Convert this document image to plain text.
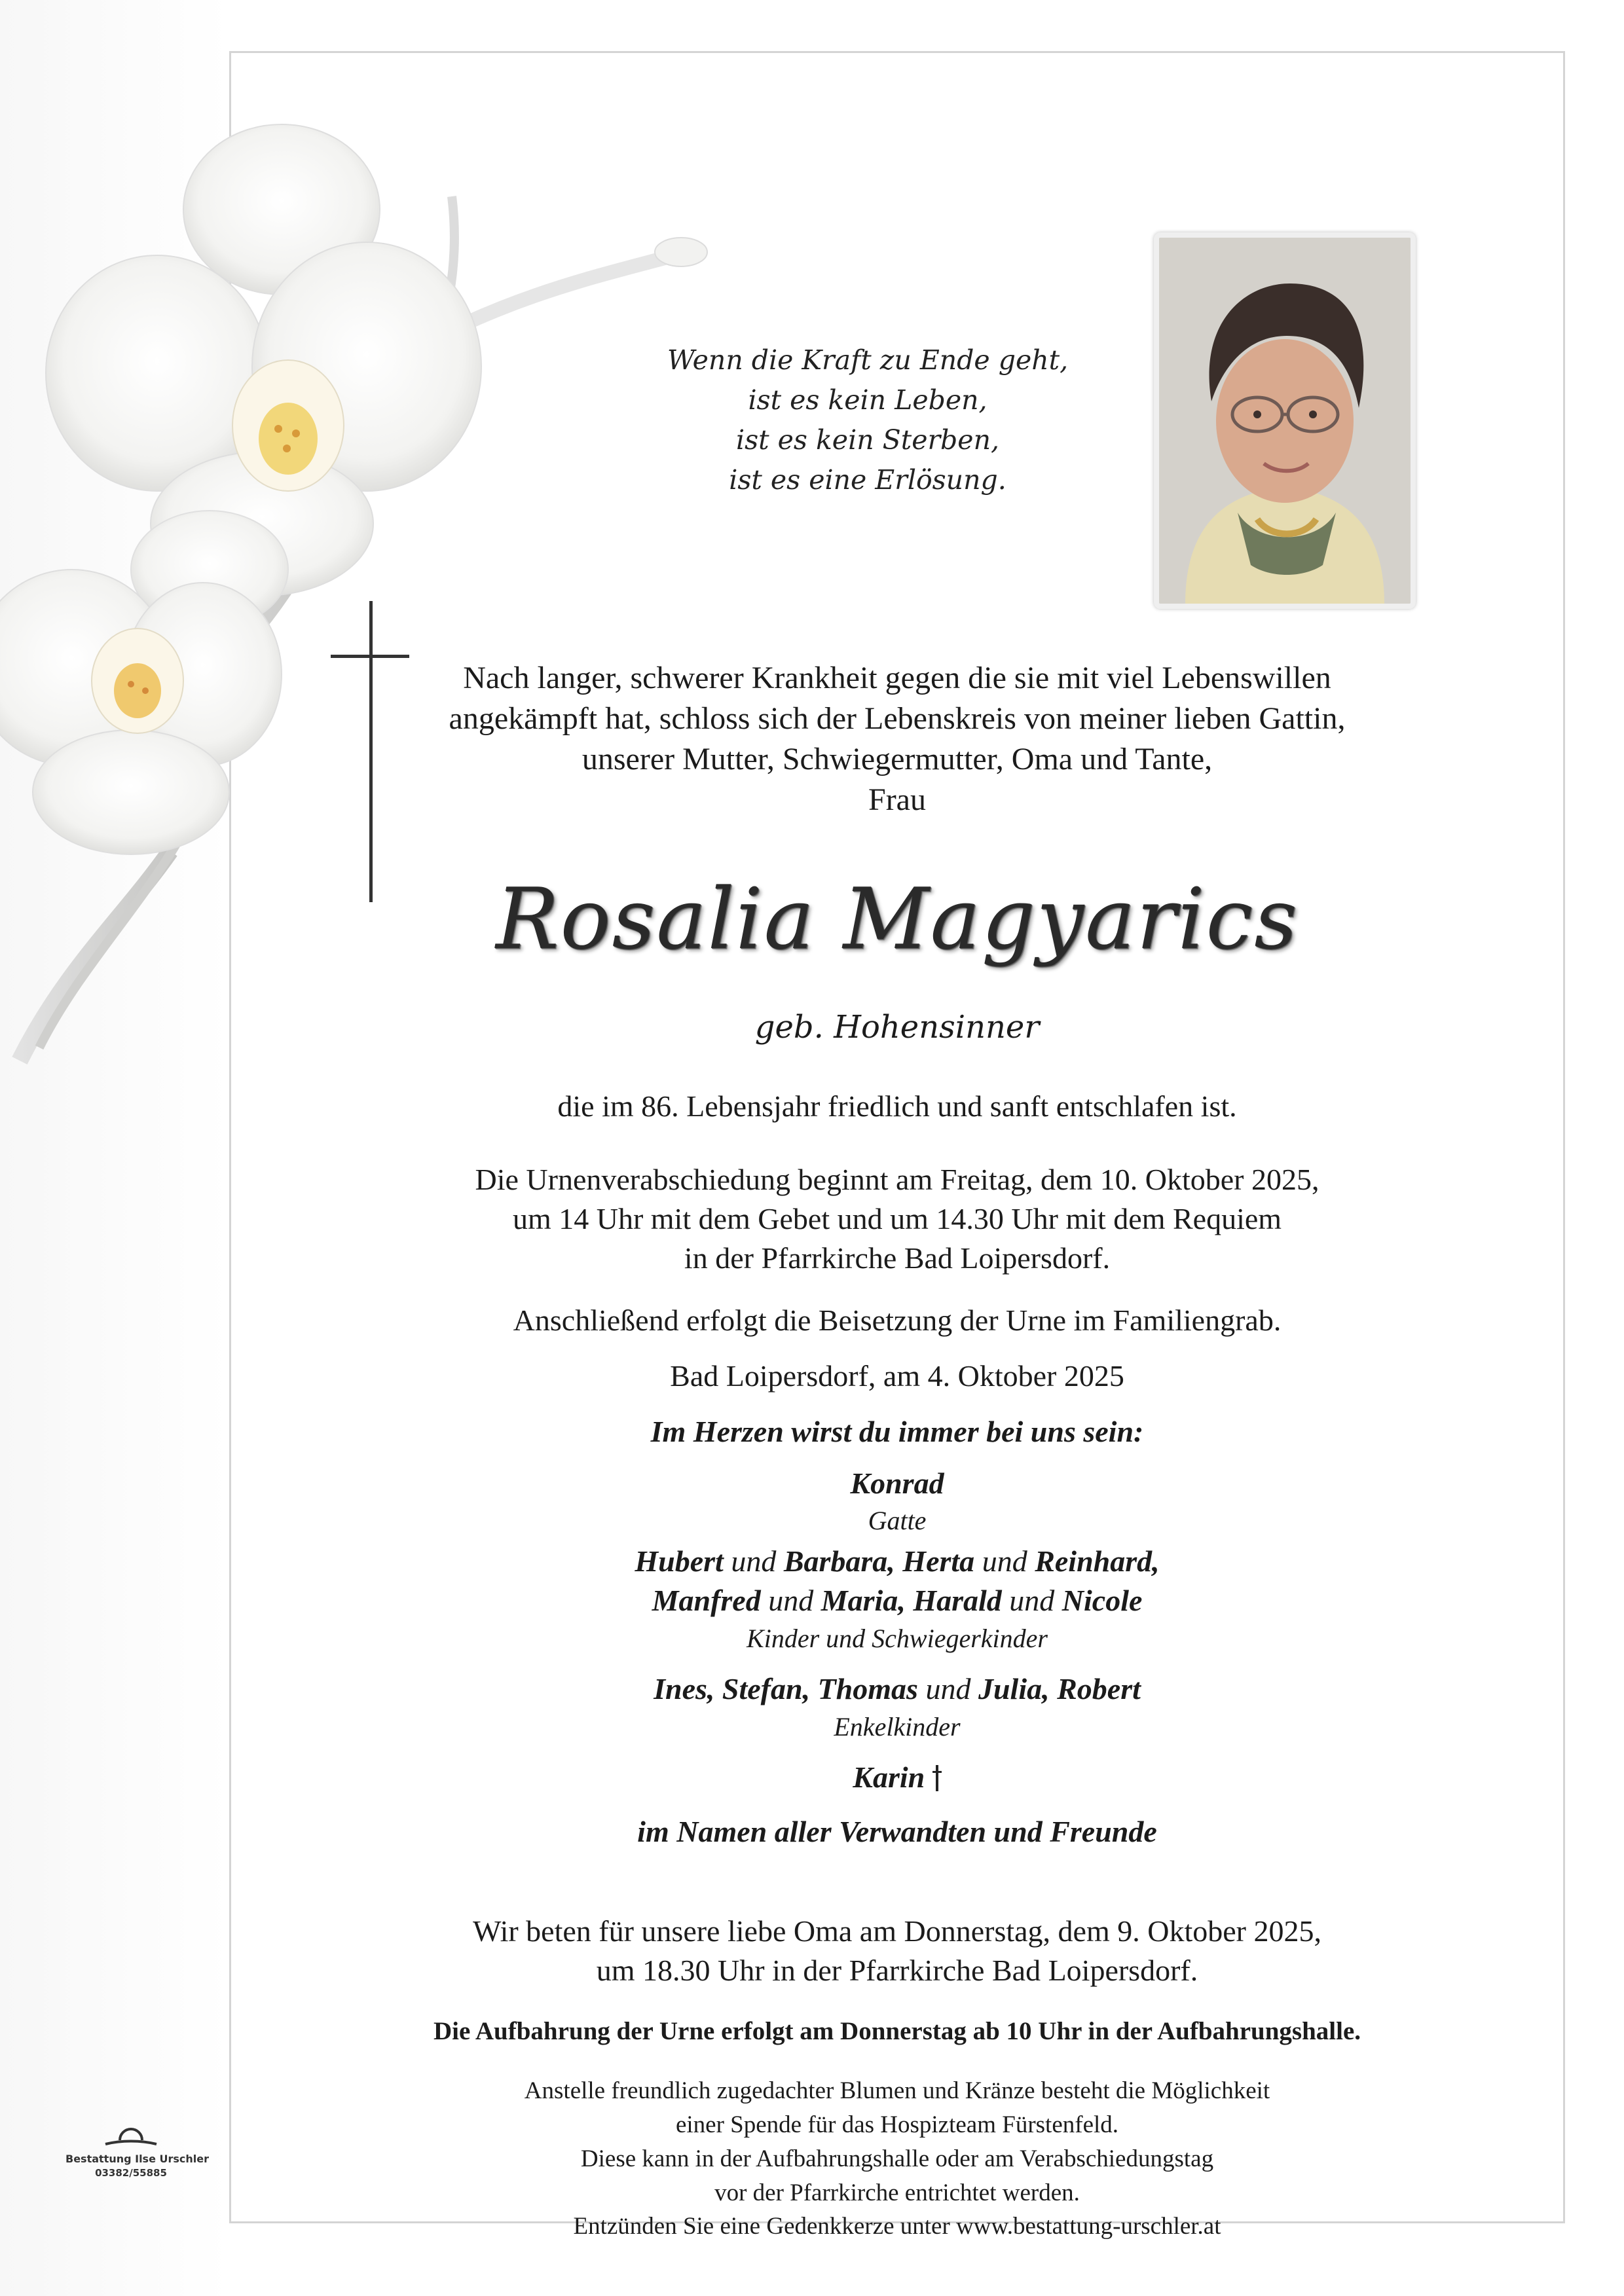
Wenn die Kraft zu Ende geht,
ist es kein Leben,
ist es kein Sterben,
ist es eine Erlösung.
Nach langer, schwerer Krankheit gegen die sie mit viel Lebenswillen
angekämpft hat, schloss sich der Lebenskreis von meiner lieben Gattin,
unserer Mutter, Schwiegermutter, Oma und Tante,
Frau
Rosalia Magyarics
geb. Hohensinner
die im 86. Lebensjahr friedlich und sanft entschlafen ist.
Die Urnenverabschiedung beginnt am Freitag, dem 10. Oktober 2025,
um 14 Uhr mit dem Gebet und um 14.30 Uhr mit dem Requiem
in der Pfarrkirche Bad Loipersdorf.
Anschließend erfolgt die Beisetzung der Urne im Familiengrab.
Bad Loipersdorf, am 4. Oktober 2025
Im Herzen wirst du immer bei uns sein:
Konrad
Gatte
Hubert und Barbara, Herta und Reinhard,
Manfred und Maria, Harald und Nicole
Kinder und Schwiegerkinder
Ines, Stefan, Thomas und Julia, Robert
Enkelkinder
Karin
im Namen aller Verwandten und Freunde
Wir beten für unsere liebe Oma am Donnerstag, dem 9. Oktober 2025,
um 18.30 Uhr in der Pfarrkirche Bad Loipersdorf.
Die Aufbahrung der Urne erfolgt am Donnerstag ab 10 Uhr in der Aufbahrungshalle.
Anstelle freundlich zugedachter Blumen und Kränze besteht die Möglichkeit
einer Spende für das Hospizteam Fürstenfeld.
Diese kann in der Aufbahrungshalle oder am Verabschiedungstag
vor der Pfarrkirche entrichtet werden.
Entzünden Sie eine Gedenkkerze unter www.bestattung-urschler.at
Bestattung Ilse Urschler
03382/55885
